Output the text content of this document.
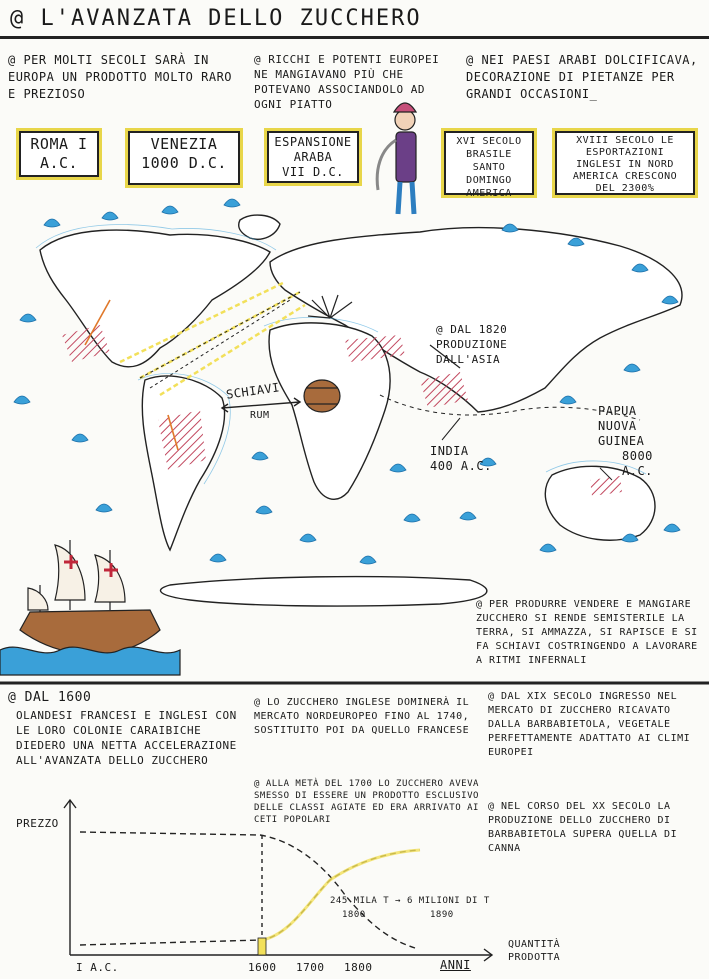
@ L'AVANZATA DELLO ZUCCHERO
@ PER MOLTI SECOLI SARÀ IN EUROPA UN PRODOTTO MOLTO RARO E PREZIOSO
@ RICCHI E POTENTI EUROPEI NE MANGIAVANO PIÙ CHE POTEVANO ASSOCIANDOLO AD OGNI PIATTO
@ NEI PAESI ARABI DOLCIFICAVA, DECORAZIONE DI PIETANZE PER GRANDI OCCASIONI_
ROMA I A.C.
VENEZIA 1000 D.C.
ESPANSIONE ARABA
VII D.C.
XVI SECOLO BRASILE SANTO DOMINGO AMERICA
XVIII SECOLO LE ESPORTAZIONI INGLESI IN NORD AMERICA CRESCONO DEL 2300%
SCHIAVI
RUM
@ DAL 1820 PRODUZIONE DALL'ASIA
PAPUA NUOVA GUINEA
8000 A.C.
INDIA
400 A.C.
@ PER PRODURRE VENDERE E MANGIARE ZUCCHERO SI RENDE SEMISTERILE LA TERRA, SI AMMAZZA, SI RAPISCE E SI FA SCHIAVI COSTRINGENDO A LAVORARE A RITMI INFERNALI
@ DAL 1600
OLANDESI FRANCESI E INGLESI CON LE LORO COLONIE CARAIBICHE DIEDERO UNA NETTA ACCELERAZIONE ALL'AVANZATA DELLO ZUCCHERO
@ LO ZUCCHERO INGLESE DOMINERÀ IL MERCATO NORDEUROPEO FINO AL 1740, SOSTITUITO POI DA QUELLO FRANCESE
@ ALLA METÀ DEL 1700 LO ZUCCHERO AVEVA SMESSO DI ESSERE UN PRODOTTO ESCLUSIVO DELLE CLASSI AGIATE ED ERA ARRIVATO AI CETI POPOLARI
@ DAL XIX SECOLO INGRESSO NEL MERCATO DI ZUCCHERO RICAVATO DALLA BARBABIETOLA, VEGETALE PERFETTAMENTE ADATTATO AI CLIMI EUROPEI
@ NEL CORSO DEL XX SECOLO LA PRODUZIONE DELLO ZUCCHERO DI BARBABIETOLA SUPERA QUELLA DI CANNA
PREZZO
ANNI
QUANTITÀ PRODOTTA
I A.C.	1600 1700 1800
245 MILA T → 6 MILIONI DI T
1800	1890
